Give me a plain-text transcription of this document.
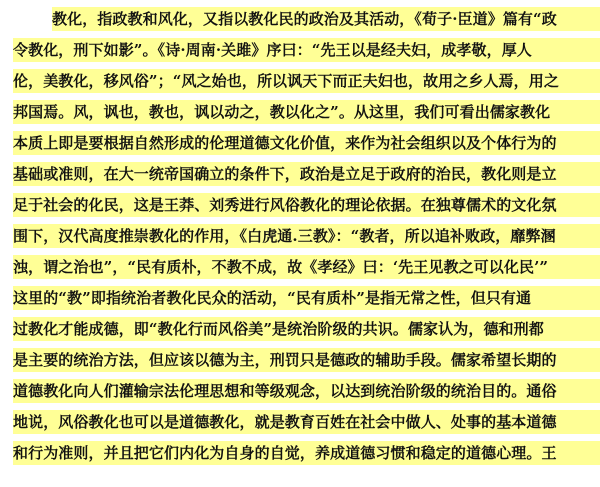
教化，指政教和风化，又指以教化民的政治及其活动，《荀子·臣道》篇有“政
令教化，刑下如影”。《诗·周南·关雎》序曰：“先王以是经夫妇，成孝敬，厚人
伦，美教化，移风俗”；“风之始也，所以讽天下而正夫妇也，故用之乡人焉，用之
邦国焉。风，讽也，教也，讽以动之，教以化之”。从这里，我们可看出儒家教化
本质上即是要根据自然形成的伦理道德文化价值，来作为社会组织以及个体行为的
基础或准则，在大一统帝国确立的条件下，政治是立足于政府的治民，教化则是立
足于社会的化民，这是王莽、刘秀进行风俗教化的理论依据。在独尊儒术的文化氛
围下，汉代高度推崇教化的作用，《白虎通.三教》：“教者，所以追补败政，靡弊溷
浊，谓之治也”，“民有质朴，不教不成，故《孝经》曰：‘先王见教之可以化民’”
这里的“教”即指统治者教化民众的活动，“民有质朴”是指无常之性，但只有通
过教化才能成德，即“教化行而风俗美”是统治阶级的共识。儒家认为，德和刑都
是主要的统治方法，但应该以德为主，刑罚只是德政的辅助手段。儒家希望长期的
道德教化向人们灌输宗法伦理思想和等级观念，以达到统治阶级的统治目的。通俗
地说，风俗教化也可以是道德教化，就是教育百姓在社会中做人、处事的基本道德
和行为准则，并且把它们内化为自身的自觉，养成道德习惯和稳定的道德心理。王
